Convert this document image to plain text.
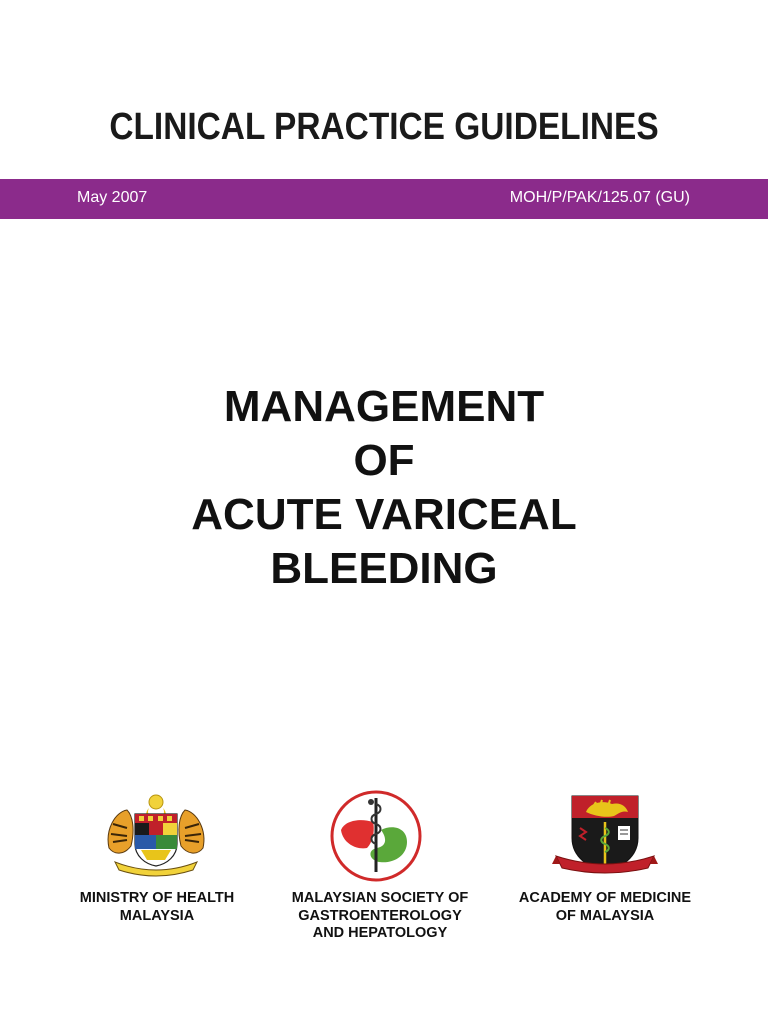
CLINICAL PRACTICE GUIDELINES
May 2007	MOH/P/PAK/125.07 (GU)
MANAGEMENT
OF
ACUTE VARICEAL
BLEEDING
MINISTRY OF HEALTH
MALAYSIA
MALAYSIAN SOCIETY OF
GASTROENTEROLOGY
AND HEPATOLOGY
ACADEMY OF MEDICINE
OF MALAYSIA
